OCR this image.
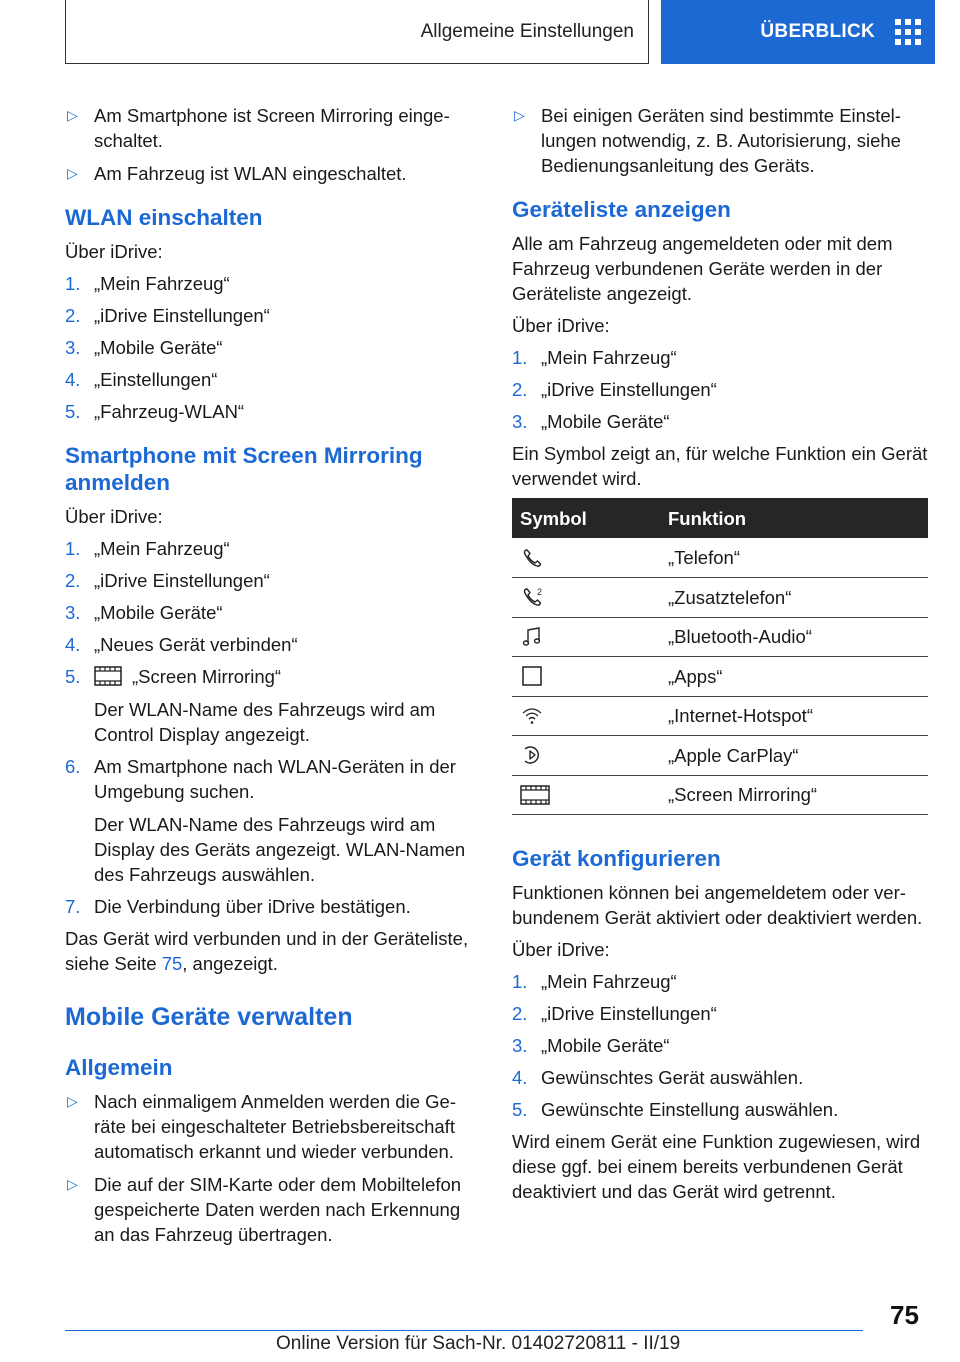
Allgemeine Einstellungen	ÜBERBLICK
▷ Am Smartphone ist Screen Mirroring eingeschaltet.
▷ Am Fahrzeug ist WLAN eingeschaltet.
WLAN einschalten

Über iDrive:

1. „Mein Fahrzeug“
2. „iDrive Einstellungen“
3. „Mobile Geräte“
4. „Einstellungen“
5. „Fahrzeug-WLAN“
Smartphone mit Screen Mirroring anmelden

Über iDrive:

1. „Mein Fahrzeug“
2. „iDrive Einstellungen“
3. „Mobile Geräte“
4. „Neues Gerät verbinden“
5.	„Screen Mirroring“
Der WLAN-Name des Fahrzeugs wird am Control Display angezeigt.
6. Am Smartphone nach WLAN-Geräten in der Umgebung suchen.
Der WLAN-Name des Fahrzeugs wird am Display des Geräts angezeigt. WLAN-Namen des Fahrzeugs auswählen.
7. Die Verbindung über iDrive bestätigen.

Das Gerät wird verbunden und in der Geräteliste, siehe Seite 75, angezeigt.

Mobile Geräte verwalten
Allgemein
▷ Nach einmaligem Anmelden werden die Geräte bei eingeschalteter Betriebsbereitschaft automatisch erkannt und wieder verbunden.
▷ Die auf der SIM-Karte oder dem Mobiltelefon gespeicherte Daten werden nach Erkennung an das Fahrzeug übertragen.
▷ Bei einigen Geräten sind bestimmte Einstellungen notwendig, z. B. Autorisierung, siehe Bedienungsanleitung des Geräts.
Geräteliste anzeigen

Alle am Fahrzeug angemeldeten oder mit dem Fahrzeug verbundenen Geräte werden in der Geräteliste angezeigt.

Über iDrive:

1. „Mein Fahrzeug“
2. „iDrive Einstellungen“
3. „Mobile Geräte“

Ein Symbol zeigt an, für welche Funktion ein Gerät verwendet wird.

Symbol	Funktion

	„Telefon“

2	„Zusatztelefon“

	„Bluetooth-Audio“

	„Apps“

	„Internet-Hotspot“

	„Apple CarPlay“

	„Screen Mirroring“
Gerät konfigurieren

Funktionen können bei angemeldetem oder verbundenem Gerät aktiviert oder deaktiviert werden.

Über iDrive:

1. „Mein Fahrzeug“
2. „iDrive Einstellungen“
3. „Mobile Geräte“
4. Gewünschtes Gerät auswählen.
5. Gewünschte Einstellung auswählen.

Wird einem Gerät eine Funktion zugewiesen, wird diese ggf. bei einem bereits verbundenen Gerät deaktiviert und das Gerät wird getrennt.

75
Online Version für Sach-Nr. 01402720811 - II/19
